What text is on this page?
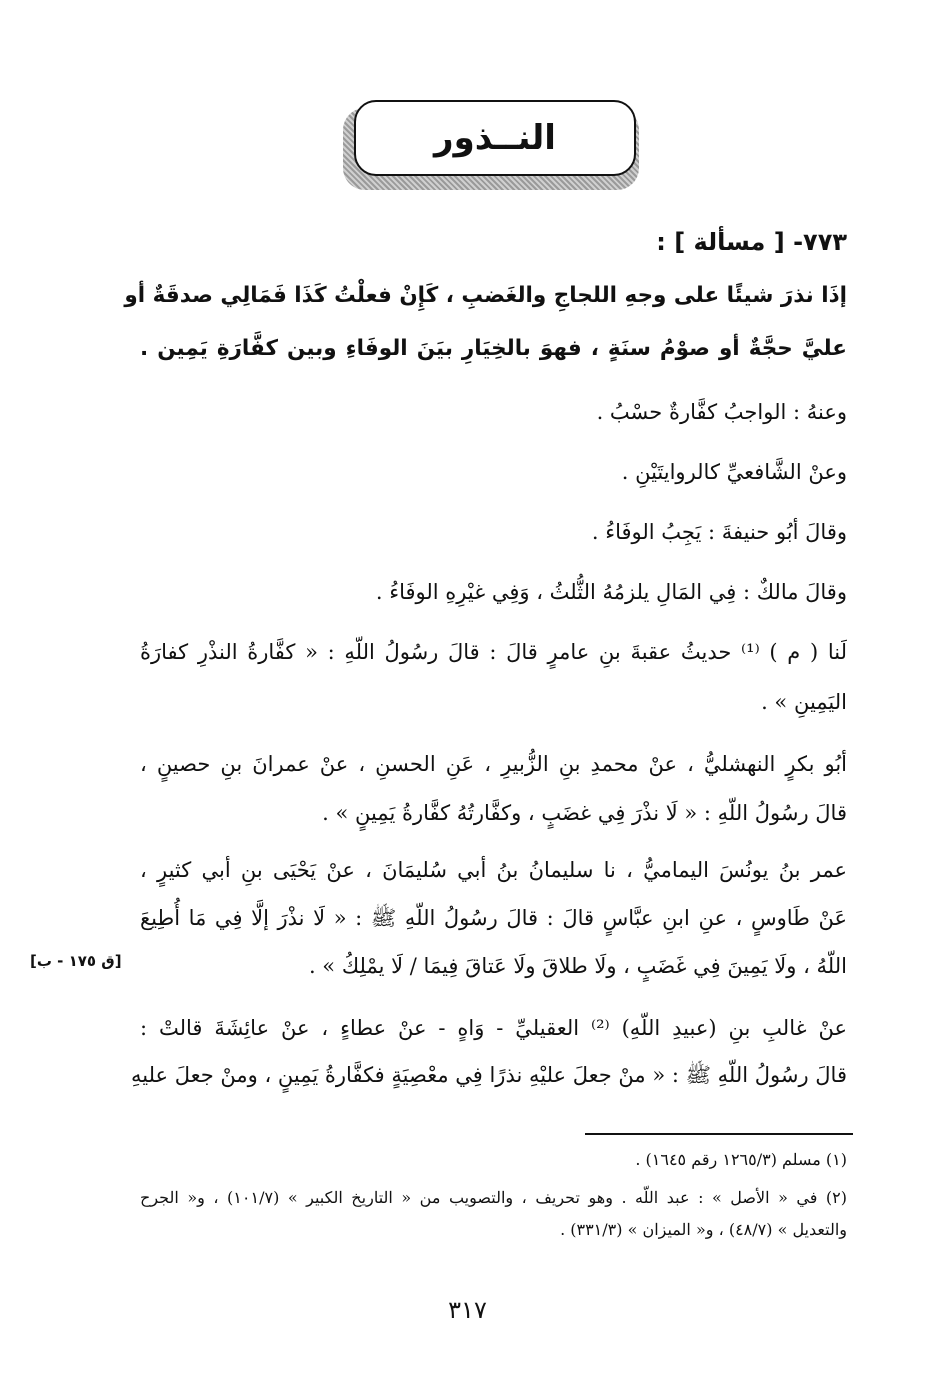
النــذور
٧٧٣- [ مسألة ] :
إذَا نذرَ شيئًا على وجهِ اللجاجِ والغَضبِ ، كَإِنْ فعلْتُ كَذَا فَمَالِي صدقَةٌ أو
عليَّ حجَّةٌ أو صوْمُ سنَةٍ ، فهوَ بالخِيَارِ بيَنَ الوفَاءِ وبين كفَّارَةِ يَمِين .
وعنهُ : الواجبُ كفَّارةٌ حسْبُ .
وعنْ الشَّافعيِّ كالروايتَيْنِ .
وقالَ أبُو حنيفةَ : يَجِبُ الوفَاءُ .
وقالَ مالكٌ : فِي المَالِ يلزمُهُ الثُّلثُ ، وَفِي غيْرِهِ الوفَاءُ .
لَنا ( م ) ⁽¹⁾ حديثُ عقبةَ بنِ عامرٍ قالَ : قالَ رسُولُ اللّهِ : « كفَّارةُ النذْرِ كفارَةُ
اليَمِينِ » .
أبُو بكرٍ النهشليُّ ، عنْ محمدِ بنِ الزُّبيرِ ، عَنِ الحسنِ ، عنْ عمرانَ بنِ حصينٍ ،
قالَ رسُولُ اللّهِ : « لَا نذْرَ فِي غضَبٍ ، وكفَّارتُهُ كفَّارةُ يَمِينٍ » .
عمر بنُ يونُسَ اليماميُّ ، نا سليمانُ بنُ أبي سُليمَانَ ، عنْ يَحْيَى بنِ أبي كثيرٍ ،
عَنْ طَاوسٍ ، عنِ ابنِ عبَّاسٍ قالَ : قالَ رسُولُ اللّهِ ﷺ : « لَا نذْرَ إلَّا فِي مَا أُطِيعَ
اللّهُ ، ولَا يَمِينَ فِي غَضَبٍ ، ولَا طلاقَ ولَا عَتاقَ فِيمَا / لَا يمْلِكُ » .
[ق ١٧٥ - ب]
عنْ غالبِ بنِ (عبيدِ اللّهِ) ⁽²⁾ العقيليِّ - وَاهٍ - عنْ عطاءٍ ، عنْ عائِشَةَ قالتْ :
قالَ رسُولُ اللّهِ ﷺ : « منْ جعلَ عليْهِ نذرًا فِي معْصِيَةٍ فكفَّارةُ يَمِينٍ ، ومنْ جعلَ عليهِ
(١) مسلم (١٢٦٥/٣ رقم ١٦٤٥) .
(٢) في « الأصل » : عبد اللّه . وهو تحريف ، والتصويب من « التاريخ الكبير » (١٠١/٧) ، و« الجرح
والتعديل » (٤٨/٧) ، و« الميزان » (٣٣١/٣) .
٣١٧
